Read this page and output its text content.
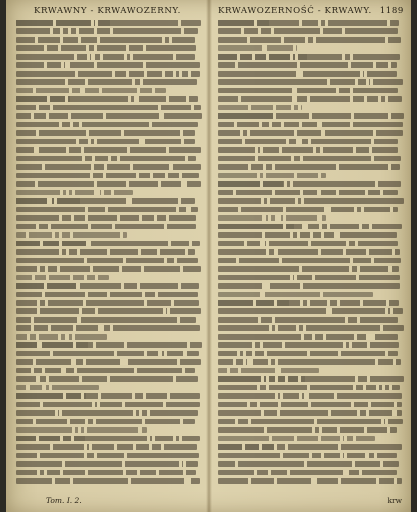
KRWAWNY - KRWAWOZERNY.	KRWAWOZERNOŚĆ - KRWAWY. 1189
Tom. I. 2.	krw
